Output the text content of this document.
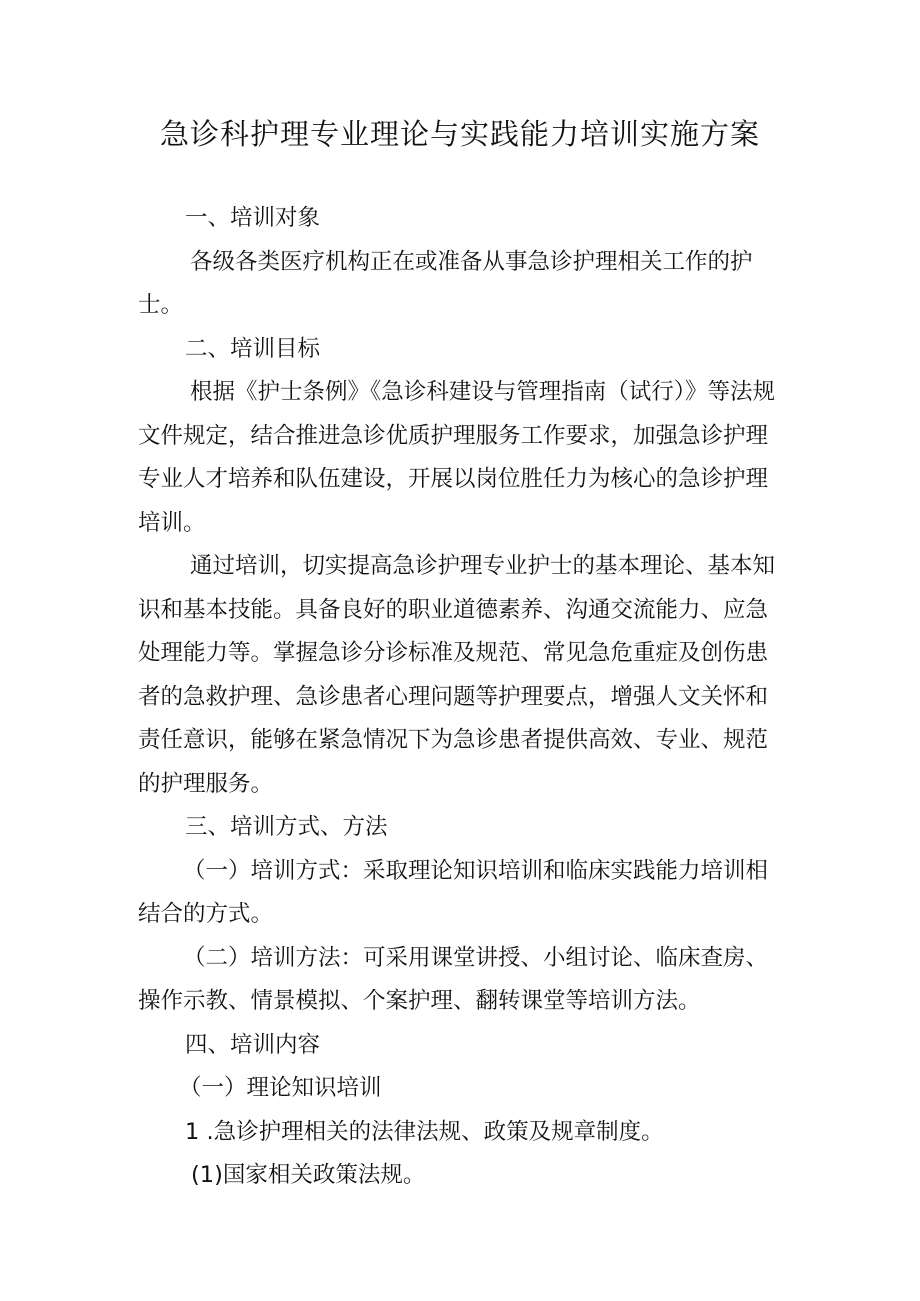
急诊科护理专业理论与实践能力培训实施方案

一、培训对象

各级各类医疗机构正在或准备从事急诊护理相关工作的护士。

二、培训目标

根据《护士条例》《急诊科建设与管理指南（试行）》等法规文件规定，结合推进急诊优质护理服务工作要求，加强急诊护理专业人才培养和队伍建设，开展以岗位胜任力为核心的急诊护理培训。

通过培训，切实提高急诊护理专业护士的基本理论、基本知识和基本技能。具备良好的职业道德素养、沟通交流能力、应急处理能力等。掌握急诊分诊标准及规范、常见急危重症及创伤患者的急救护理、急诊患者心理问题等护理要点，增强人文关怀和责任意识，能够在紧急情况下为急诊患者提供高效、专业、规范的护理服务。

三、培训方式、方法

（一）培训方式：采取理论知识培训和临床实践能力培训相结合的方式。

（二）培训方法：可采用课堂讲授、小组讨论、临床查房、操作示教、情景模拟、个案护理、翻转课堂等培训方法。

四、培训内容

（一）理论知识培训

1 .急诊护理相关的法律法规、政策及规章制度。

(1)国家相关政策法规。
